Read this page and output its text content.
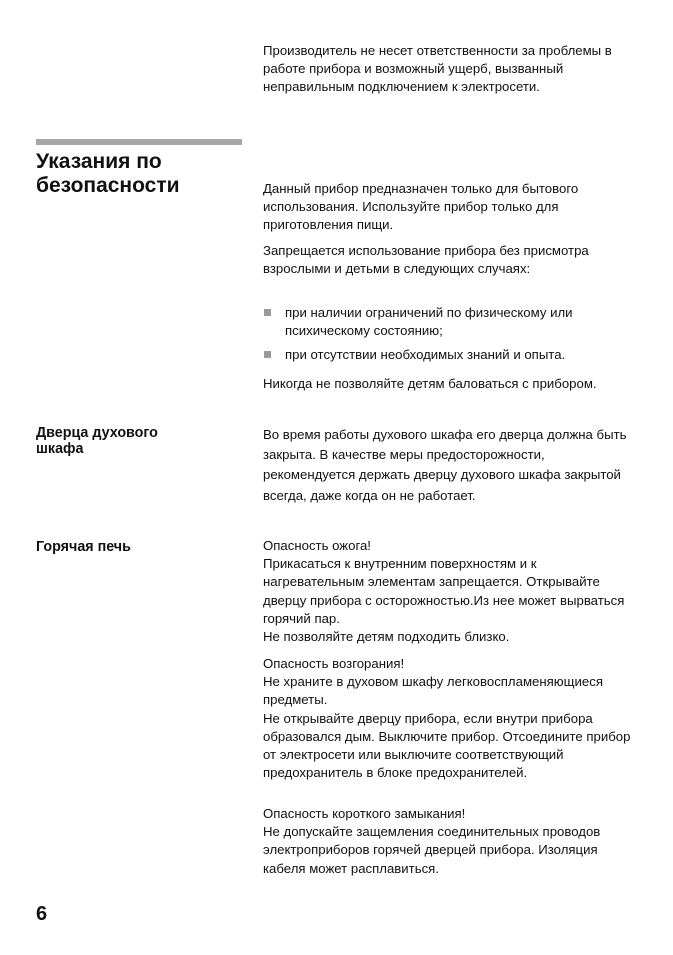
Производитель не несет ответственности за проблемы в работе прибора и возможный ущерб, вызванный неправильным подключением к электросети.

Указания по
безопасности	Данный прибор предназначен только для бытового использования. Используйте прибор только для приготовления пищи.

Запрещается использование прибора без присмотра взрослыми и детьми в следующих случаях:

при наличии ограничений по физическому или психическому состоянию;
при отсутствии необходимых знаний и опыта.

Никогда не позволяйте детям баловаться с прибором.

Дверца духового
шкафа

Во время работы духового шкафа его дверца должна быть закрыта. В качестве меры предосторожности, рекомендуется держать дверцу духового шкафа закрытой всегда, даже когда он не работает.

Горячая печь	Опасность ожога!
Прикасаться к внутренним поверхностям и к нагревательным элементам запрещается. Открывайте дверцу прибора с осторожностью.Из нее может вырваться горячий пар.
Не позволяйте детям подходить близко.

Опасность возгорания!
Не храните в духовом шкафу легковоспламеняющиеся предметы.
Не открывайте дверцу прибора, если внутри прибора образовался дым. Выключите прибор. Отсоедините прибор от электросети или выключите соответствующий предохранитель в блоке предохранителей.

Опасность короткого замыкания!
Не допускайте защемления соединительных проводов электроприборов горячей дверцей прибора. Изоляция кабеля может расплавиться.

6
